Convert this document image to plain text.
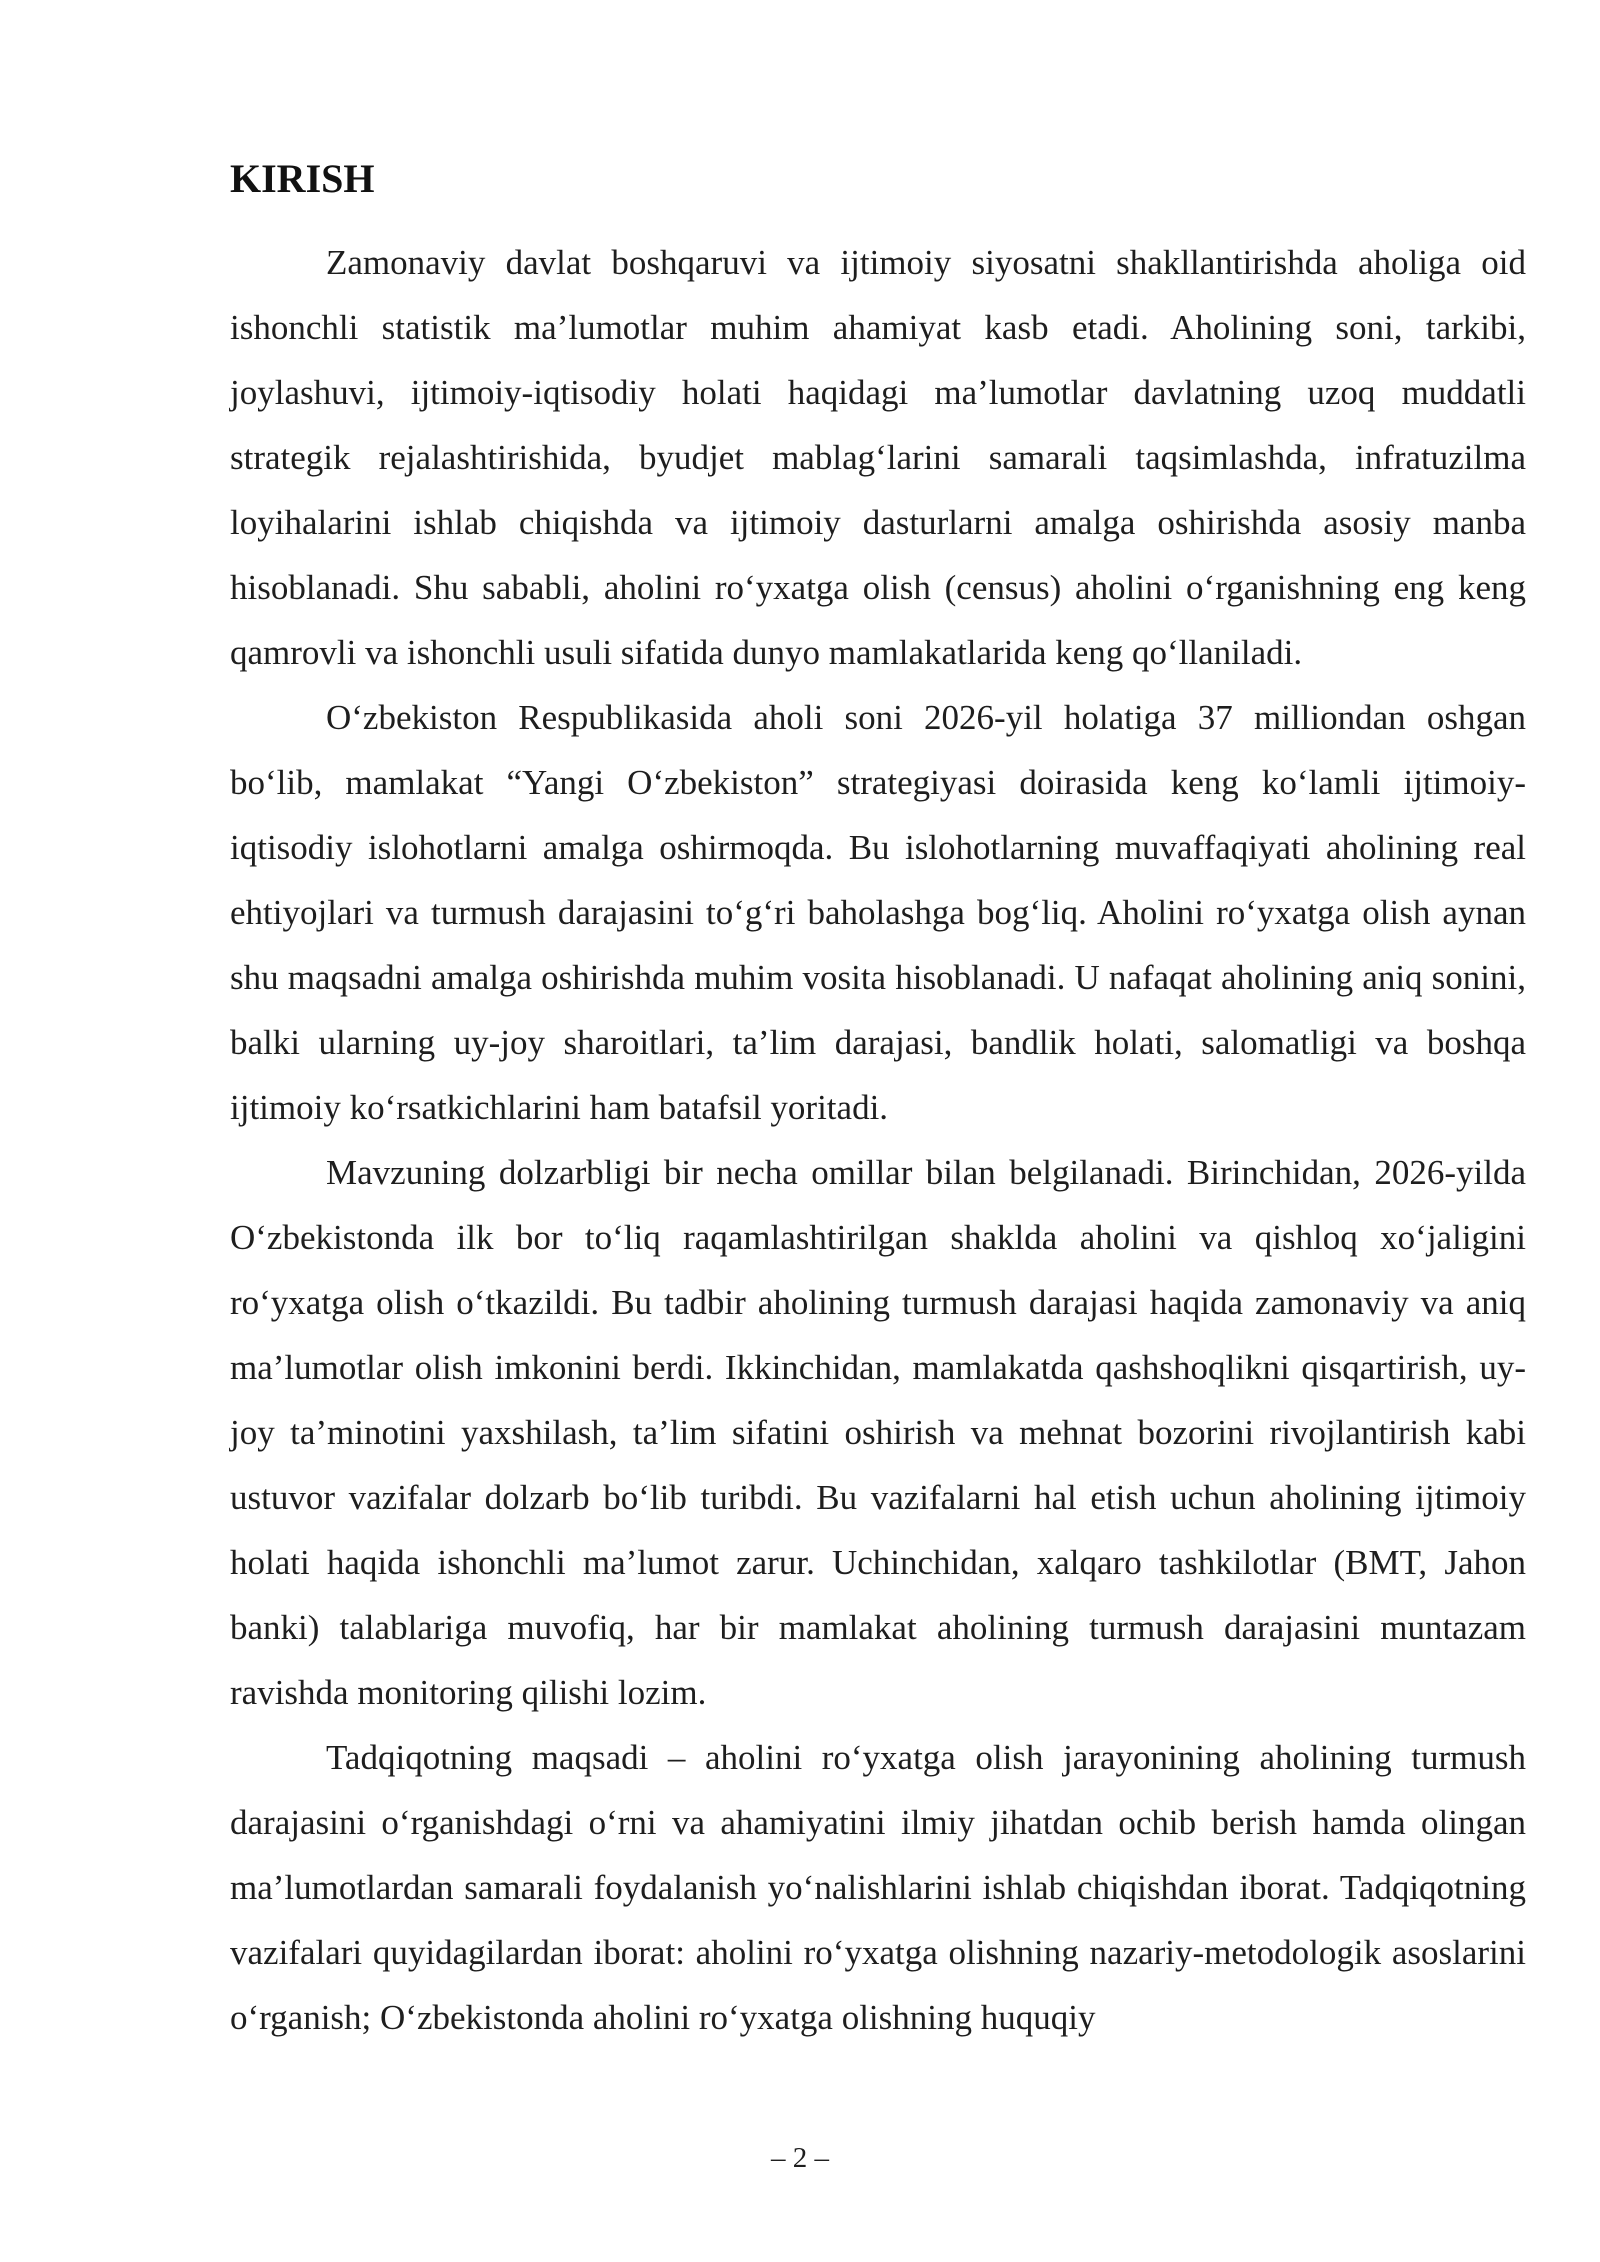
KIRISH

Zamonaviy davlat boshqaruvi va ijtimoiy siyosatni shakllantirishda aholiga oid ishonchli statistik ma’lumotlar muhim ahamiyat kasb etadi. Aholining soni, tarkibi, joylashuvi, ijtimoiy-iqtisodiy holati haqidagi ma’lumotlar davlatning uzoq muddatli strategik rejalashtirishida, byudjet mablag‘larini samarali taqsimlashda, infratuzilma loyihalarini ishlab chiqishda va ijtimoiy dasturlarni amalga oshirishda asosiy manba hisoblanadi. Shu sababli, aholini ro‘yxatga olish (census) aholini o‘rganishning eng keng qamrovli va ishonchli usuli sifatida dunyo mamlakatlarida keng qo‘llaniladi.

O‘zbekiston Respublikasida aholi soni 2026-yil holatiga 37 milliondan oshgan bo‘lib, mamlakat “Yangi O‘zbekiston” strategiyasi doirasida keng ko‘lamli ijtimoiy-iqtisodiy islohotlarni amalga oshirmoqda. Bu islohotlarning muvaffaqiyati aholining real ehtiyojlari va turmush darajasini to‘g‘ri baholashga bog‘liq. Aholini ro‘yxatga olish aynan shu maqsadni amalga oshirishda muhim vosita hisoblanadi. U nafaqat aholining aniq sonini, balki ularning uy-joy sharoitlari, ta’lim darajasi, bandlik holati, salomatligi va boshqa ijtimoiy ko‘rsatkichlarini ham batafsil yoritadi.

Mavzuning dolzarbligi bir necha omillar bilan belgilanadi. Birinchidan, 2026-yilda O‘zbekistonda ilk bor to‘liq raqamlashtirilgan shaklda aholini va qishloq xo‘jaligini ro‘yxatga olish o‘tkazildi. Bu tadbir aholining turmush darajasi haqida zamonaviy va aniq ma’lumotlar olish imkonini berdi. Ikkinchidan, mamlakatda qashshoqlikni qisqartirish, uy-joy ta’minotini yaxshilash, ta’lim sifatini oshirish va mehnat bozorini rivojlantirish kabi ustuvor vazifalar dolzarb bo‘lib turibdi. Bu vazifalarni hal etish uchun aholining ijtimoiy holati haqida ishonchli ma’lumot zarur. Uchinchidan, xalqaro tashkilotlar (BMT, Jahon banki) talablariga muvofiq, har bir mamlakat aholining turmush darajasini muntazam ravishda monitoring qilishi lozim.

Tadqiqotning maqsadi – aholini ro‘yxatga olish jarayonining aholining turmush darajasini o‘rganishdagi o‘rni va ahamiyatini ilmiy jihatdan ochib berish hamda olingan ma’lumotlardan samarali foydalanish yo‘nalishlarini ishlab chiqishdan iborat. Tadqiqotning vazifalari quyidagilardan iborat: aholini ro‘yxatga olishning nazariy-metodologik asoslarini o‘rganish; O‘zbekistonda aholini ro‘yxatga olishning huquqiy

– 2 –
